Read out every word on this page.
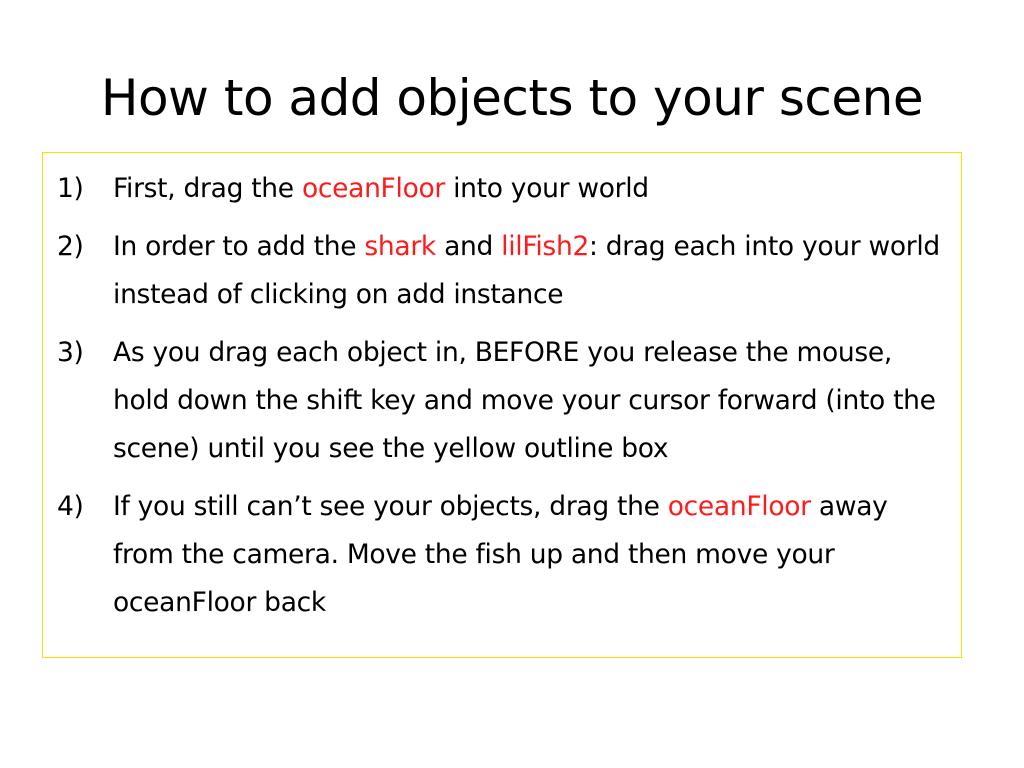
How to add objects to your scene
1) First, drag the oceanFloor into your world
2) In order to add the shark and lilFish2: drag each into your world instead of clicking on add instance
3) As you drag each object in, BEFORE you release the mouse, hold down the shift key and move your cursor forward (into the scene) until you see the yellow outline box
4) If you still can’t see your objects, drag the oceanFloor away from the camera. Move the fish up and then move your oceanFloor back
